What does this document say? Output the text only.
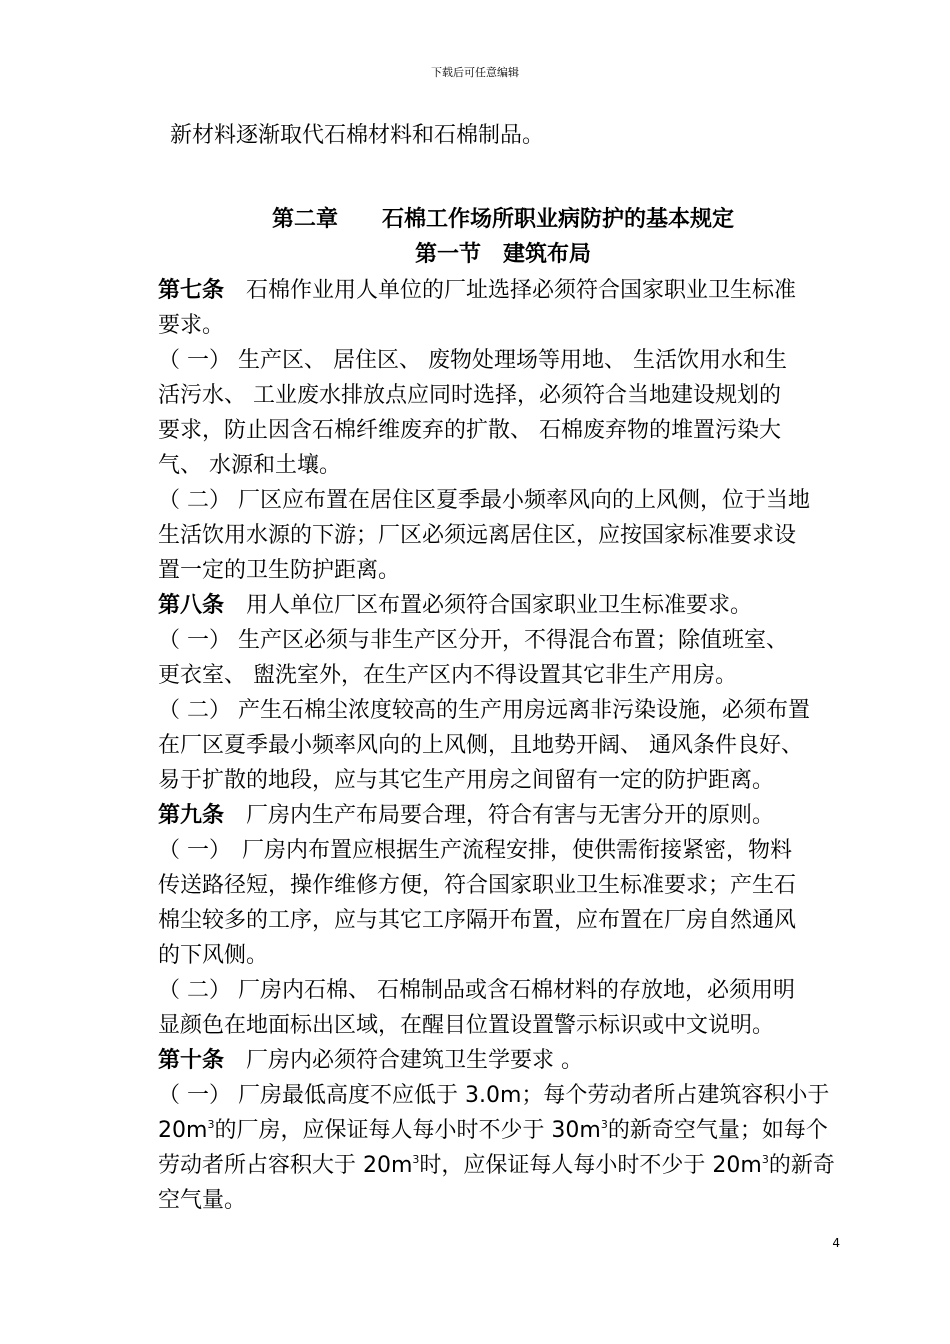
下载后可任意编辑
新材料逐渐取代石棉材料和石棉制品。
第二章　　石棉工作场所职业病防护的基本规定
第一节　建筑布局
第七条　石棉作业用人单位的厂址选择必须符合国家职业卫生标准
要求。
（ 一） 生产区、 居住区、 废物处理场等用地、 生活饮用水和生
活污水、 工业废水排放点应同时选择，必须符合当地建设规划的
要求，防止因含石棉纤维废弃的扩散、 石棉废弃物的堆置污染大
气、 水源和土壤。
（ 二） 厂区应布置在居住区夏季最小频率风向的上风侧，位于当地
生活饮用水源的下游；厂区必须远离居住区，应按国家标准要求设
置一定的卫生防护距离。
第八条　用人单位厂区布置必须符合国家职业卫生标准要求。
（ 一） 生产区必须与非生产区分开，不得混合布置；除值班室、
更衣室、 盥洗室外，在生产区内不得设置其它非生产用房。
（ 二） 产生石棉尘浓度较高的生产用房远离非污染设施，必须布置
在厂区夏季最小频率风向的上风侧，且地势开阔、 通风条件良好、
易于扩散的地段，应与其它生产用房之间留有一定的防护距离。
第九条　厂房内生产布局要合理，符合有害与无害分开的原则。
（ 一）　厂房内布置应根据生产流程安排，使供需衔接紧密，物料
传送路径短，操作维修方便，符合国家职业卫生标准要求；产生石
棉尘较多的工序，应与其它工序隔开布置，应布置在厂房自然通风
的下风侧。
（ 二） 厂房内石棉、 石棉制品或含石棉材料的存放地，必须用明
显颜色在地面标出区域，在醒目位置设置警示标识或中文说明。
第十条　厂房内必须符合建筑卫生学要求 。
（ 一） 厂房最低高度不应低于 3.0m；每个劳动者所占建筑容积小于
$20m^3$的厂房，应保证每人每小时不少于 $30m^3$的新奇空气量；如每个
劳动者所占容积大于 $20m^3$时，应保证每人每小时不少于 $20m^3$的新奇
空气量。
4
